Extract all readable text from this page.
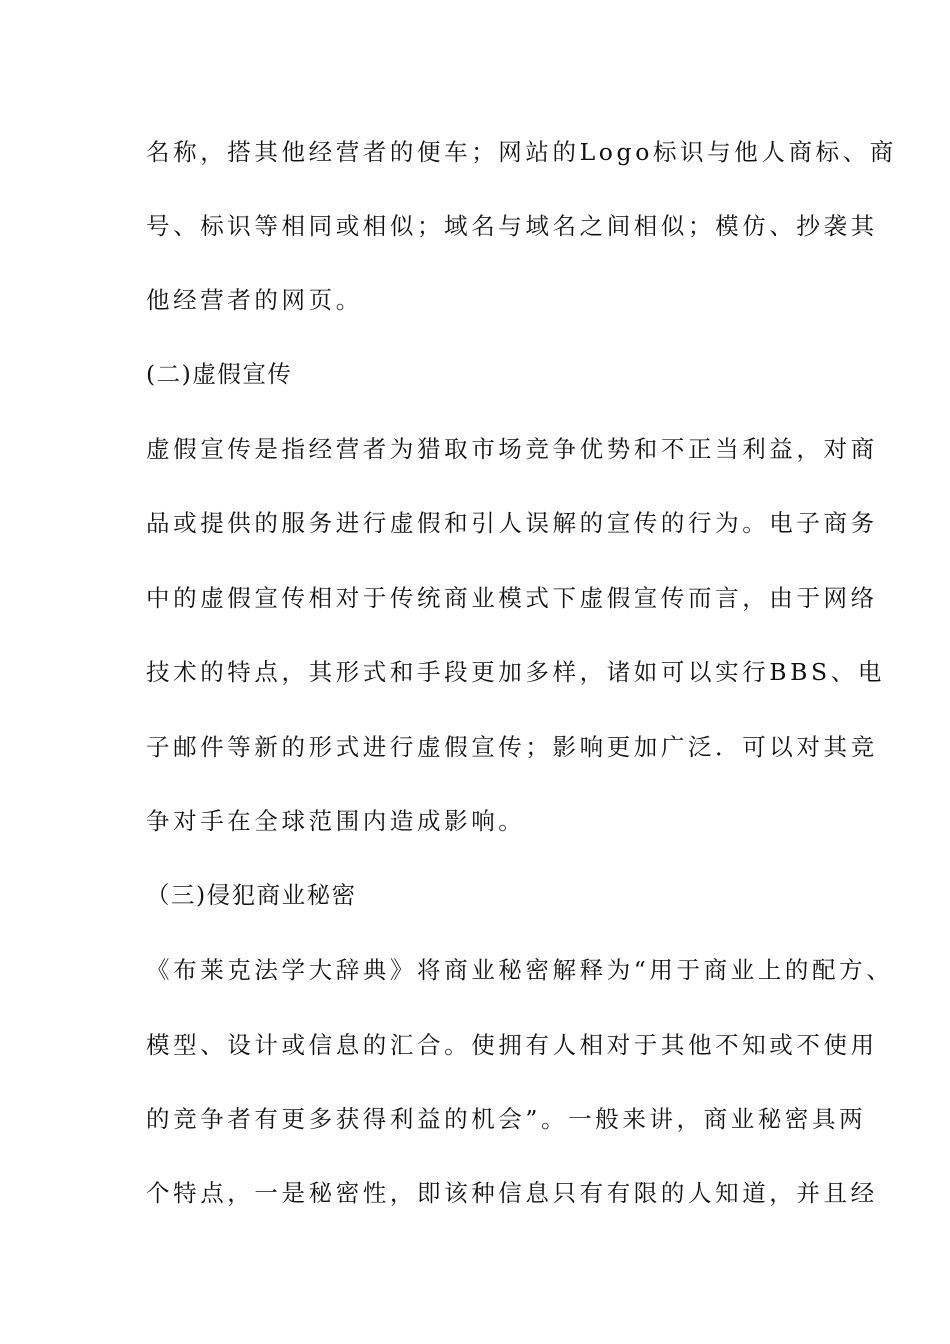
名称，搭其他经营者的便车；网站的Logo标识与他人商标、商
号、标识等相同或相似；域名与域名之间相似；模仿、抄袭其
他经营者的网页。
(二)虚假宣传
虚假宣传是指经营者为猎取市场竞争优势和不正当利益，对商
品或提供的服务进行虚假和引人误解的宣传的行为。电子商务
中的虚假宣传相对于传统商业模式下虚假宣传而言，由于网络
技术的特点，其形式和手段更加多样，诸如可以实行BBS、电
子邮件等新的形式进行虚假宣传；影响更加广泛．可以对其竞
争对手在全球范围内造成影响。
（三)侵犯商业秘密
《布莱克法学大辞典》将商业秘密解释为“用于商业上的配方、
模型、设计或信息的汇合。使拥有人相对于其他不知或不使用
的竞争者有更多获得利益的机会”。一般来讲，商业秘密具两
个特点，一是秘密性，即该种信息只有有限的人知道，并且经
